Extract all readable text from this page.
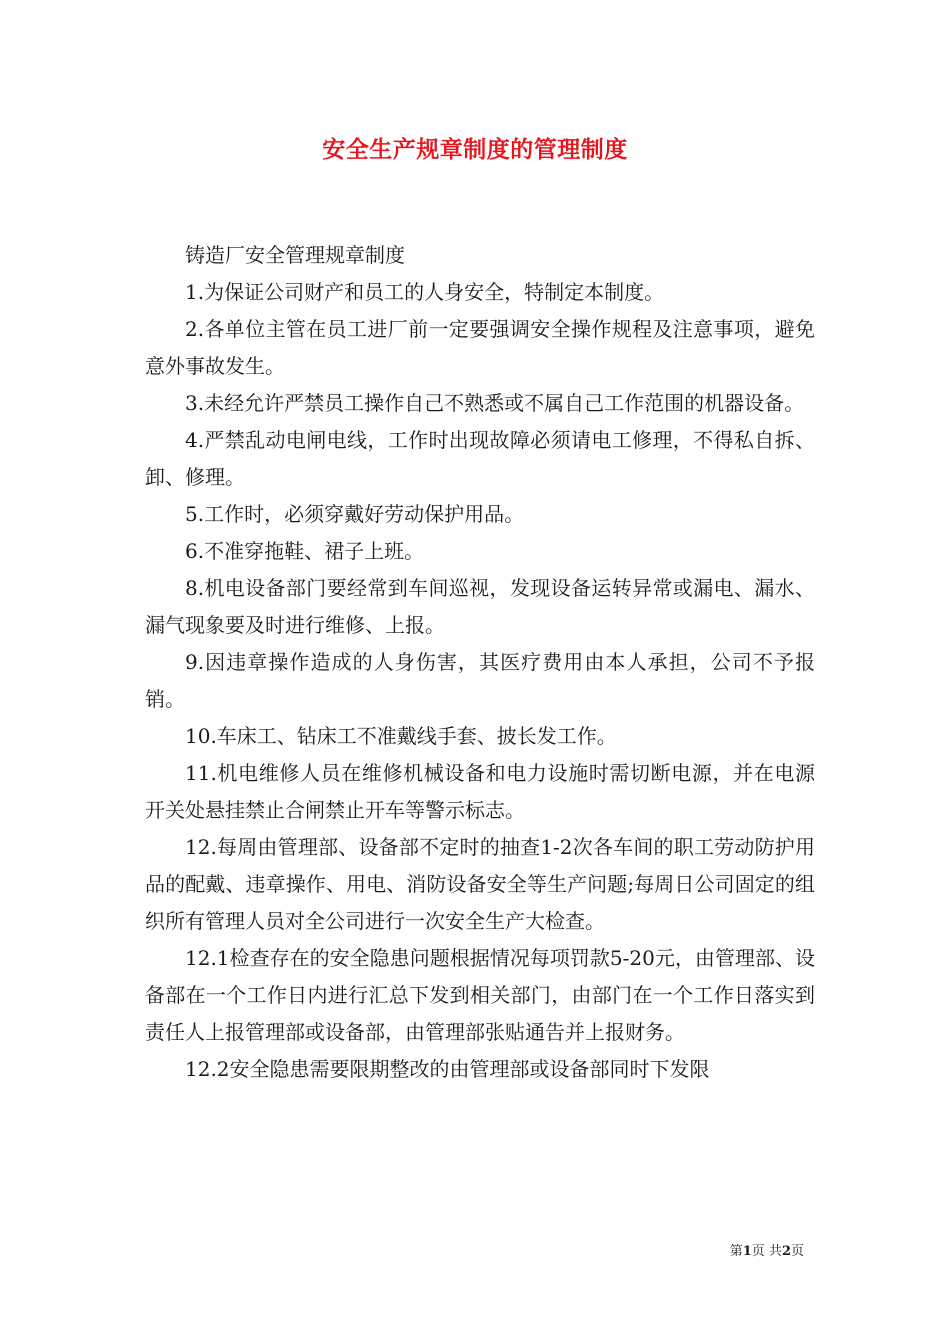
安全生产规章制度的管理制度

铸造厂安全管理规章制度

1.为保证公司财产和员工的人身安全，特制定本制度。

2.各单位主管在员工进厂前一定要强调安全操作规程及注意事项，避免意外事故发生。

3.未经允许严禁员工操作自己不熟悉或不属自己工作范围的机器设备。

4.严禁乱动电闸电线，工作时出现故障必须请电工修理，不得私自拆、卸、修理。

5.工作时，必须穿戴好劳动保护用品。

6.不准穿拖鞋、裙子上班。

8.机电设备部门要经常到车间巡视，发现设备运转异常或漏电、漏水、漏气现象要及时进行维修、上报。

9.因违章操作造成的人身伤害，其医疗费用由本人承担，公司不予报销。

10.车床工、钻床工不准戴线手套、披长发工作。

11.机电维修人员在维修机械设备和电力设施时需切断电源，并在电源开关处悬挂禁止合闸禁止开车等警示标志。

12.每周由管理部、设备部不定时的抽查1-2次各车间的职工劳动防护用品的配戴、违章操作、用电、消防设备安全等生产问题;每周日公司固定的组织所有管理人员对全公司进行一次安全生产大检查。

12.1检查存在的安全隐患问题根据情况每项罚款5-20元，由管理部、设备部在一个工作日内进行汇总下发到相关部门，由部门在一个工作日落实到责任人上报管理部或设备部，由管理部张贴通告并上报财务。

12.2安全隐患需要限期整改的由管理部或设备部同时下发限

第1页 共2页
